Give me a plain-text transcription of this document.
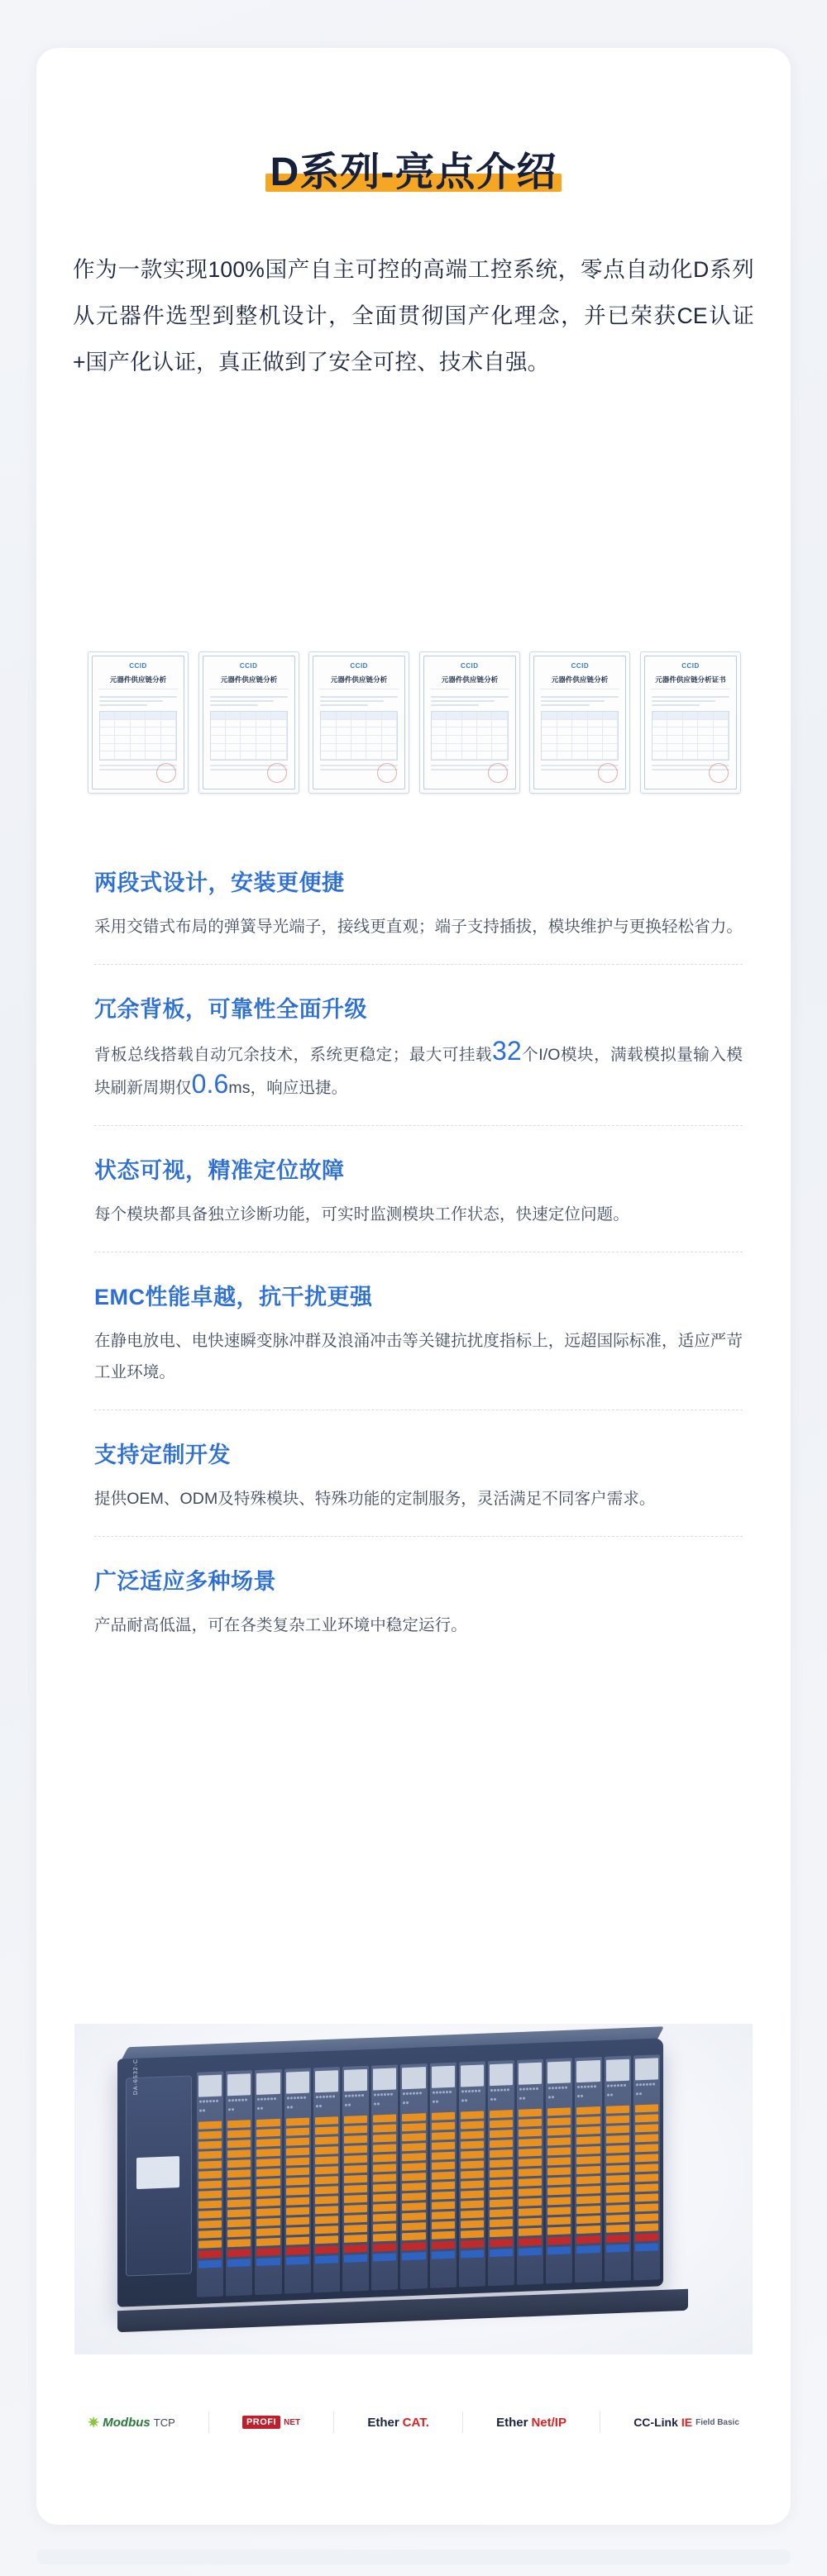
D系列-亮点介绍
作为一款实现100%国产自主可控的高端工控系统，零点自动化D系列从元器件选型到整机设计，全面贯彻国产化理念，并已荣获CE认证+国产化认证，真正做到了安全可控、技术自强。
CCID
元器件供应链分析
CCID
元器件供应链分析
CCID
元器件供应链分析
CCID
元器件供应链分析
CCID
元器件供应链分析
CCID
元器件供应链分析证书
两段式设计，安装更便捷

采用交错式布局的弹簧导光端子，接线更直观；端子支持插拔，模块维护与更换轻松省力。

冗余背板，可靠性全面升级

背板总线搭载自动冗余技术，系统更稳定；最大可挂载32个I/O模块，满载模拟量输入模块刷新周期仅0.6ms，响应迅捷。

状态可视，精准定位故障

每个模块都具备独立诊断功能，可实时监测模块工作状态，快速定位问题。

EMC性能卓越，抗干扰更强

在静电放电、电快速瞬变脉冲群及浪涌冲击等关键抗扰度指标上，远超国际标准，适应严苛工业环境。

支持定制开发

提供OEM、ODM及特殊模块、特殊功能的定制服务，灵活满足不同客户需求。

广泛适应多种场景

产品耐高低温，可在各类复杂工业环境中稳定运行。

DA-6532-C
✷ Modbus TCP	PROFI NET	Ether CAT.	Ether Net/IP	CC-Link IE Field Basic
